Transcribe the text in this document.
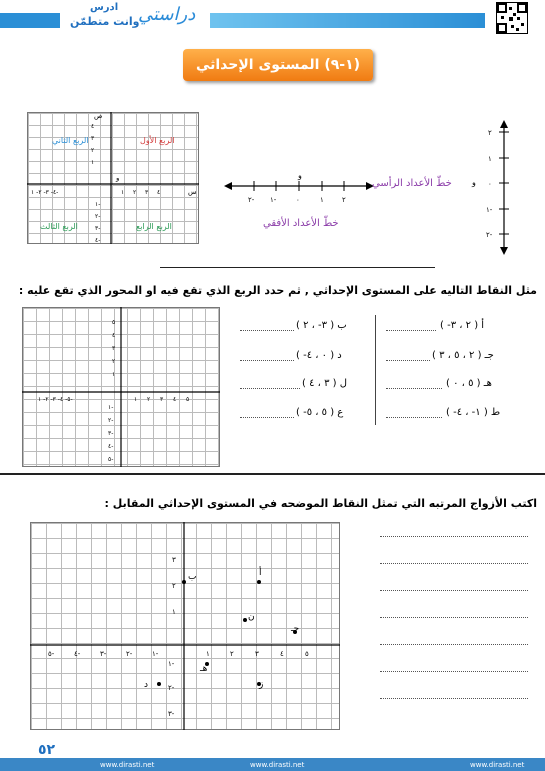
ادرس
وانت متطمّن
دراستي
(١-٩) المستوى الإحداثي
٤
٣
٢
١
١ ٢ ٣ ٤
٤- ٣- ٢- ١-
١-
٢-
٣-
٤-
ص
س
و
الربع الثاني	الربع الأول
الربع الثالث	الربع الرابع
٢- ١-	٠	١	٢
و
خطّ الأعداد الأفقي
٢
١
٠
١-
٢-
و
خطّ الأعداد الرأسي
مثل النقاط التاليه على المستوى الإحداثي , ثم حدد الربع الذي تقع فيه او المحور الذي تقع عليه :
٥
٤
٣
٢
١
١ ٢ ٣ ٤ ٥
٥- ٤- ٣- ٢- ١-
١-
٢-
٣-
٤-
٥-
أ ( ٢ ، ٣- )
ب ( ٣- ، ٢ )
جـ ( ٢ ، ٥ ، ٣ )
د ( ٠ ، ٤- )
هـ ( ٥ ، ٠ )
ل ( ٣ ، ٤ )
ط ( ١- ، ٤- )
ع ( ٥ ، ٥- )
اكتب الأزواج المرتبه التي تمثل النقاط الموضحه في المستوى الإحداثي المقابل :
٣
٢
١
١	٢	٣	٤	٥
٥-	٤-	٣-	٢-	١-
١-
٢-
٣-
أ
ب
ن
جـ
هـ
ز
د
٥٢
www.dirasti.net	www.dirasti.net	www.dirasti.net
